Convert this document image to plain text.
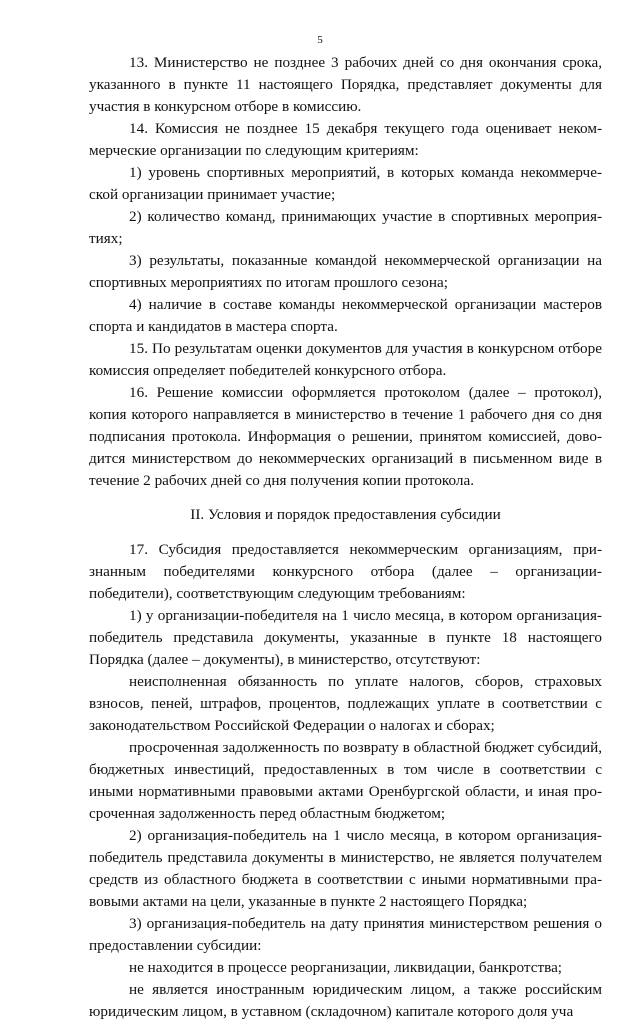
5

13. Министерство не позднее 3 рабочих дней со дня окончания срока, указанного в пункте 11 настоящего Порядка, представляет документы для участия в конкурсном отборе в комиссию.

14. Комиссия не позднее 15 декабря текущего года оценивает некоммерческие организации по следующим критериям:

1) уровень спортивных мероприятий, в которых команда некоммерческой организации принимает участие;

2) количество команд, принимающих участие в спортивных мероприятиях;

3) результаты, показанные командой некоммерческой организации на спортивных мероприятиях по итогам прошлого сезона;

4) наличие в составе команды некоммерческой организации мастеров спорта и кандидатов в мастера спорта.

15. По результатам оценки документов для участия в конкурсном отборе комиссия определяет победителей конкурсного отбора.

16. Решение комиссии оформляется протоколом (далее – протокол), копия которого направляется в министерство в течение 1 рабочего дня со дня подписания протокола. Информация о решении, принятом комиссией, доводится министерством до некоммерческих организаций в письменном виде в течение 2 рабочих дней со дня получения копии протокола.

II. Условия и порядок предоставления субсидии

17. Субсидия предоставляется некоммерческим организациям, признанным победителями конкурсного отбора (далее – организации-победители), соответствующим следующим требованиям:

1) у организации-победителя на 1 число месяца, в котором организация-победитель представила документы, указанные в пункте 18 настоящего Порядка (далее – документы), в министерство, отсутствуют:

неисполненная обязанность по уплате налогов, сборов, страховых взносов, пеней, штрафов, процентов, подлежащих уплате в соответствии с законодательством Российской Федерации о налогах и сборах;

просроченная задолженность по возврату в областной бюджет субсидий, бюджетных инвестиций, предоставленных в том числе в соответствии с иными нормативными правовыми актами Оренбургской области, и иная просроченная задолженность перед областным бюджетом;

2) организация-победитель на 1 число месяца, в котором организация-победитель представила документы в министерство, не является получателем средств из областного бюджета в соответствии с иными нормативными правовыми актами на цели, указанные в пункте 2 настоящего Порядка;

3) организация-победитель на дату принятия министерством решения о предоставлении субсидии:

не находится в процессе реорганизации, ликвидации, банкротства;

не является иностранным юридическим лицом, а также российским юридическим лицом, в уставном (складочном) капитале которого доля уча
